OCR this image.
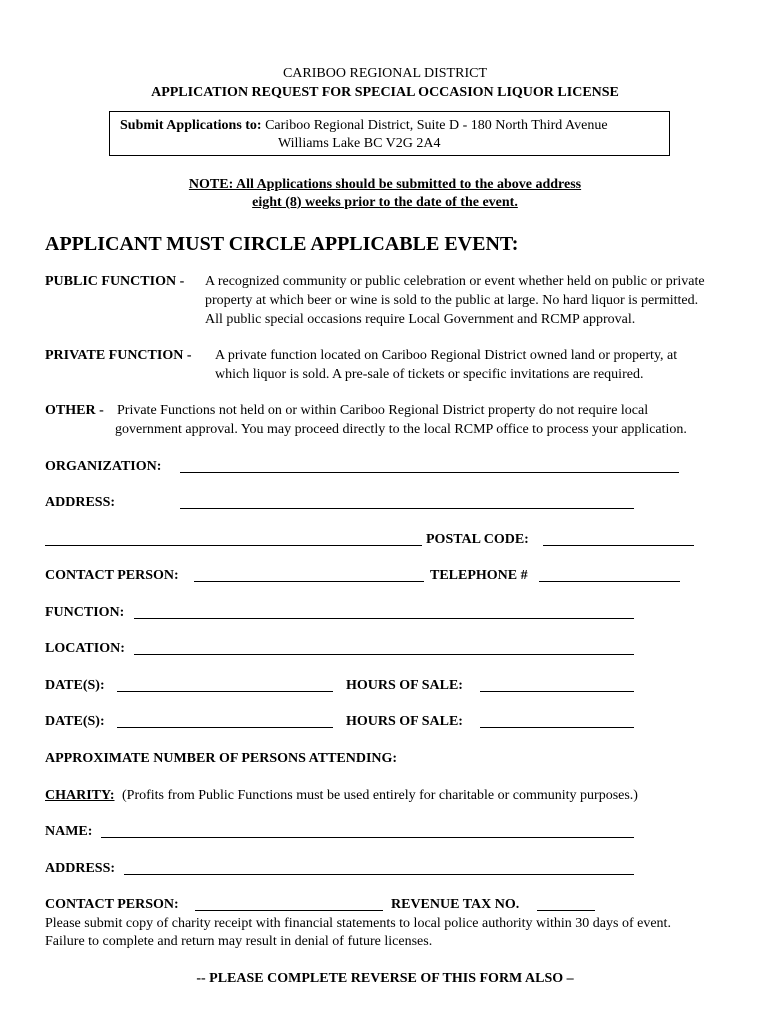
CARIBOO REGIONAL DISTRICT
APPLICATION REQUEST FOR SPECIAL OCCASION LIQUOR LICENSE
Submit Applications to: Cariboo Regional District, Suite D - 180 North Third Avenue
Williams Lake BC V2G 2A4
NOTE: All Applications should be submitted to the above address
eight (8) weeks prior to the date of the event.
APPLICANT MUST CIRCLE APPLICABLE EVENT:
PUBLIC FUNCTION - A recognized community or public celebration or event whether held on public or private
property at which beer or wine is sold to the public at large. No hard liquor is permitted.
All public special occasions require Local Government and RCMP approval.
PRIVATE FUNCTION - A private function located on Cariboo Regional District owned land or property, at
which liquor is sold. A pre-sale of tickets or specific invitations are required.
OTHER - Private Functions not held on or within Cariboo Regional District property do not require local
government approval. You may proceed directly to the local RCMP office to process your application.
ORGANIZATION:
ADDRESS:
POSTAL CODE:
CONTACT PERSON:	TELEPHONE #
FUNCTION:
LOCATION:
DATE(S):	HOURS OF SALE:
DATE(S):	HOURS OF SALE:
APPROXIMATE NUMBER OF PERSONS ATTENDING:
CHARITY: (Profits from Public Functions must be used entirely for charitable or community purposes.)
NAME:
ADDRESS:
CONTACT PERSON:	REVENUE TAX NO.
Please submit copy of charity receipt with financial statements to local police authority within 30 days of event.
Failure to complete and return may result in denial of future licenses.
-- PLEASE COMPLETE REVERSE OF THIS FORM ALSO –
